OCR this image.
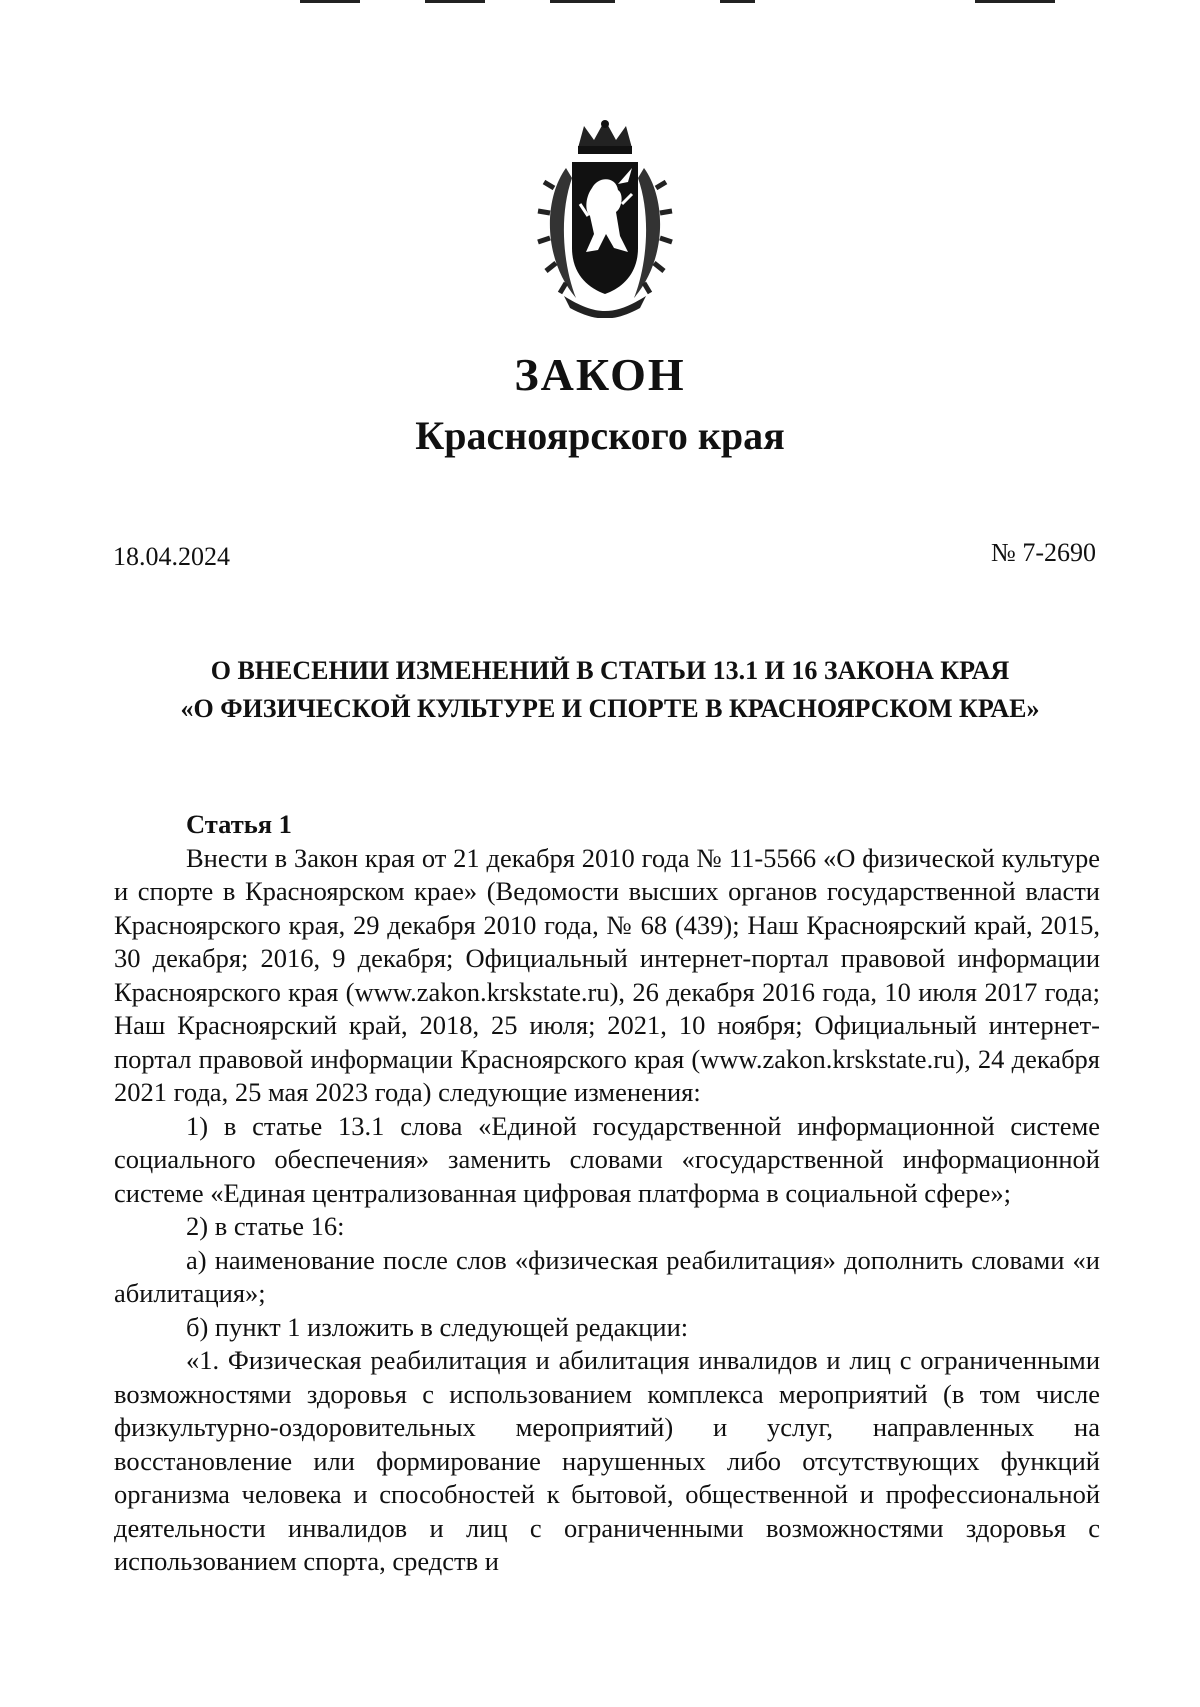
ЗАКОН
Красноярского края
18.04.2024	№ 7-2690
О ВНЕСЕНИИ ИЗМЕНЕНИЙ В СТАТЬИ 13.1 И 16 ЗАКОНА КРАЯ
«О ФИЗИЧЕСКОЙ КУЛЬТУРЕ И СПОРТЕ В КРАСНОЯРСКОМ КРАЕ»
Статья 1

Внести в Закон края от 21 декабря 2010 года № 11-5566 «О физической культуре и спорте в Красноярском крае» (Ведомости высших органов государственной власти Красноярского края, 29 декабря 2010 года, № 68 (439); Наш Красноярский край, 2015, 30 декабря; 2016, 9 декабря; Официальный интернет-портал правовой информации Красноярского края (www.zakon.krskstate.ru), 26 декабря 2016 года, 10 июля 2017 года; Наш Красноярский край, 2018, 25 июля; 2021, 10 ноября; Официальный интернет-портал правовой информации Красноярского края (www.zakon.krskstate.ru), 24 декабря 2021 года, 25 мая 2023 года) следующие изменения:

1) в статье 13.1 слова «Единой государственной информационной системе социального обеспечения» заменить словами «государственной информационной системе «Единая централизованная цифровая платформа в социальной сфере»;

2) в статье 16:

а) наименование после слов «физическая реабилитация» дополнить словами «и абилитация»;

б) пункт 1 изложить в следующей редакции:

«1. Физическая реабилитация и абилитация инвалидов и лиц с ограниченными возможностями здоровья с использованием комплекса мероприятий (в том числе физкультурно-оздоровительных мероприятий) и услуг, направленных на восстановление или формирование нарушенных либо отсутствующих функций организма человека и способностей к бытовой, общественной и профессиональной деятельности инвалидов и лиц с ограниченными возможностями здоровья с использованием спорта, средств и
